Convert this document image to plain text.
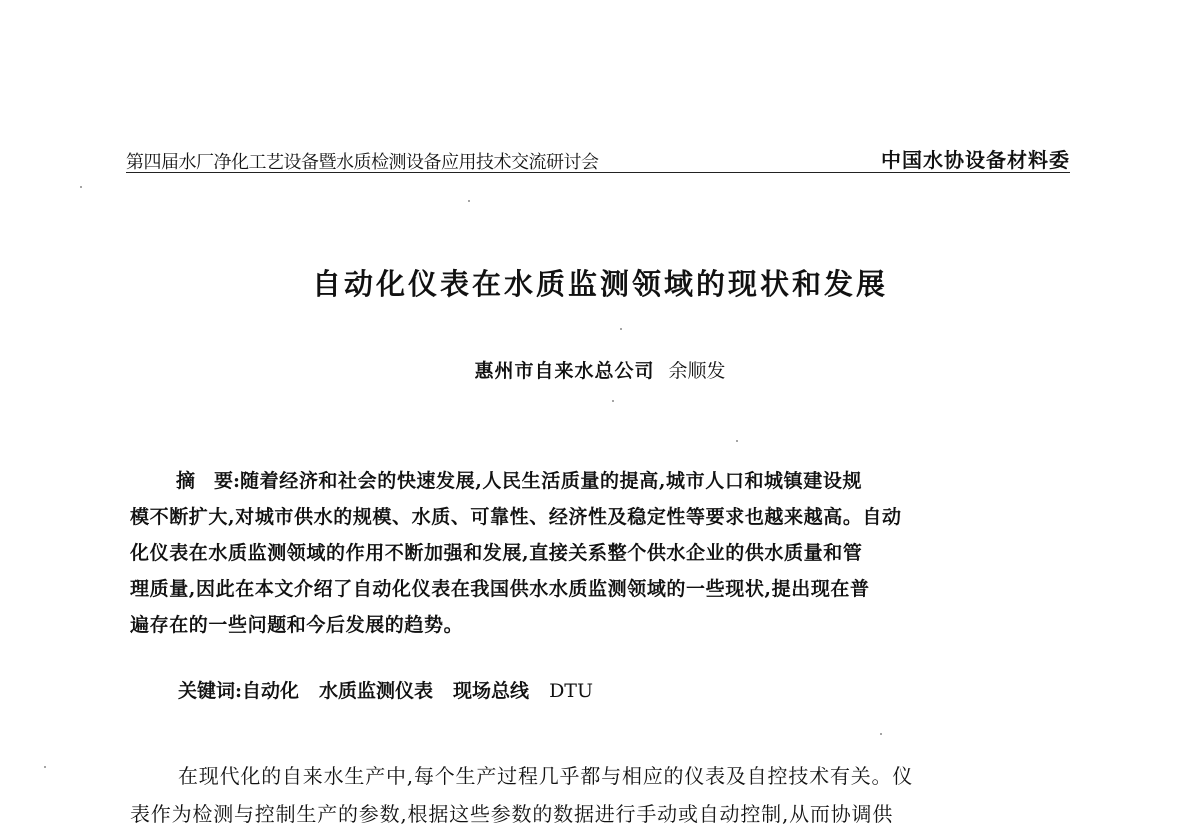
第四届水厂净化工艺设备暨水质检测设备应用技术交流研讨会	中国水协设备材料委
自动化仪表在水质监测领域的现状和发展
惠州市自来水总公司 余顺发
摘　要:随着经济和社会的快速发展,人民生活质量的提高,城市人口和城镇建设规
模不断扩大,对城市供水的规模、水质、可靠性、经济性及稳定性等要求也越来越高。自动
化仪表在水质监测领域的作用不断加强和发展,直接关系整个供水企业的供水质量和管
理质量,因此在本文介绍了自动化仪表在我国供水水质监测领域的一些现状,提出现在普
遍存在的一些问题和今后发展的趋势。
关键词:自动化 水质监测仪表 现场总线 DTU
在现代化的自来水生产中,每个生产过程几乎都与相应的仪表及自控技术有关。仪
表作为检测与控制生产的参数,根据这些参数的数据进行手动或自动控制,从而协调供
